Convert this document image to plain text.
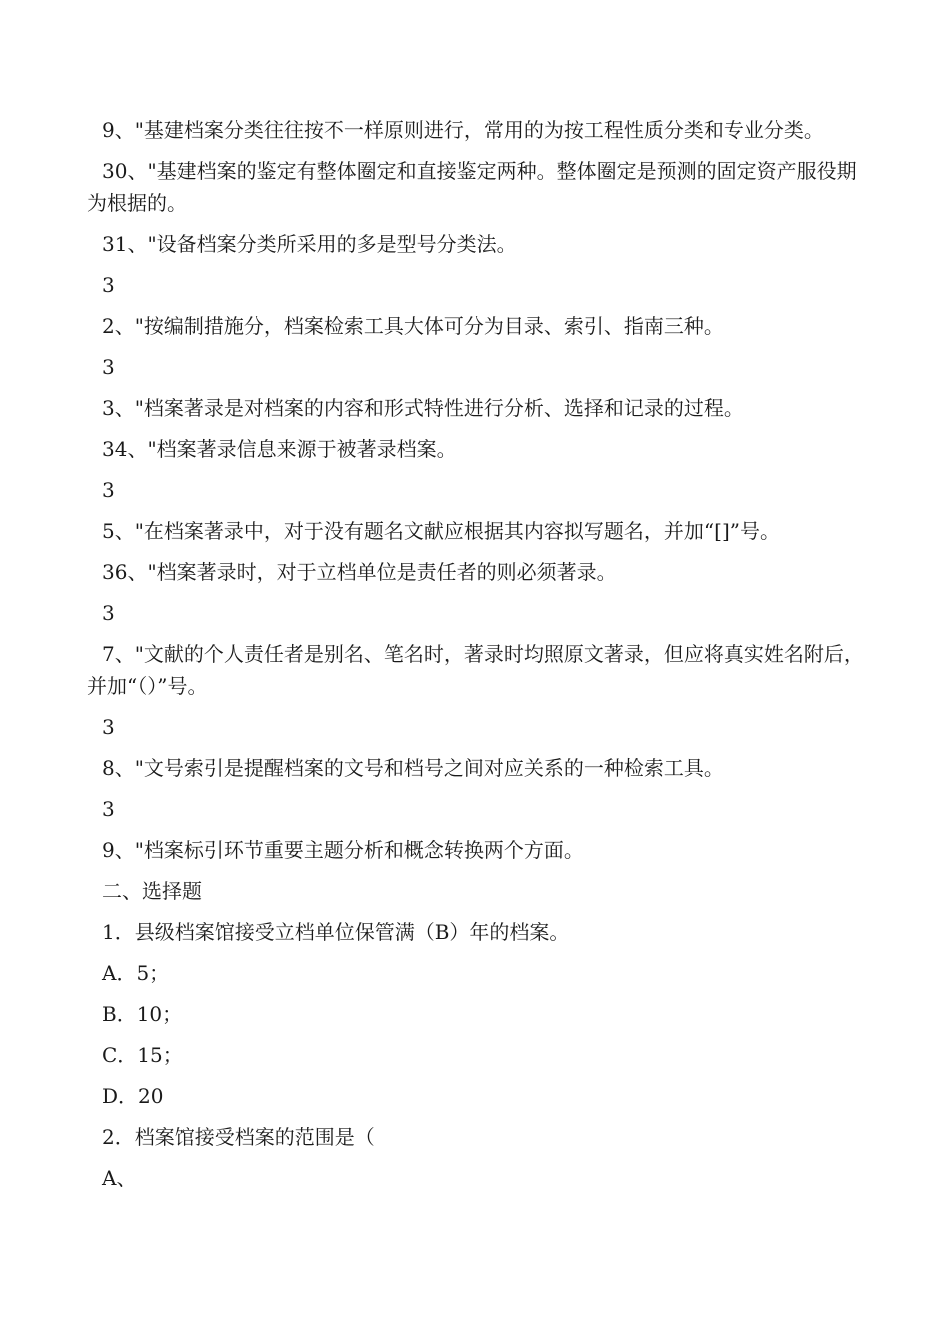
9、"基建档案分类往往按不一样原则进行，常用的为按工程性质分类和专业分类。

30、"基建档案的鉴定有整体圈定和直接鉴定两种。整体圈定是预测的固定资产服役期为根据的。

31、"设备档案分类所采用的多是型号分类法。

3

2、"按编制措施分，档案检索工具大体可分为目录、索引、指南三种。

3

3、"档案著录是对档案的内容和形式特性进行分析、选择和记录的过程。

34、"档案著录信息来源于被著录档案。

3

5、"在档案著录中，对于没有题名文献应根据其内容拟写题名，并加“[]”号。

36、"档案著录时，对于立档单位是责任者的则必须著录。

3

7、"文献的个人责任者是别名、笔名时，著录时均照原文著录，但应将真实姓名附后，并加“（）”号。

3

8、"文号索引是提醒档案的文号和档号之间对应关系的一种检索工具。

3

9、"档案标引环节重要主题分析和概念转换两个方面。

二、选择题

1．县级档案馆接受立档单位保管满（B）年的档案。

A．5；

B．10；

C．15；

D．20

2．档案馆接受档案的范围是（

A、
